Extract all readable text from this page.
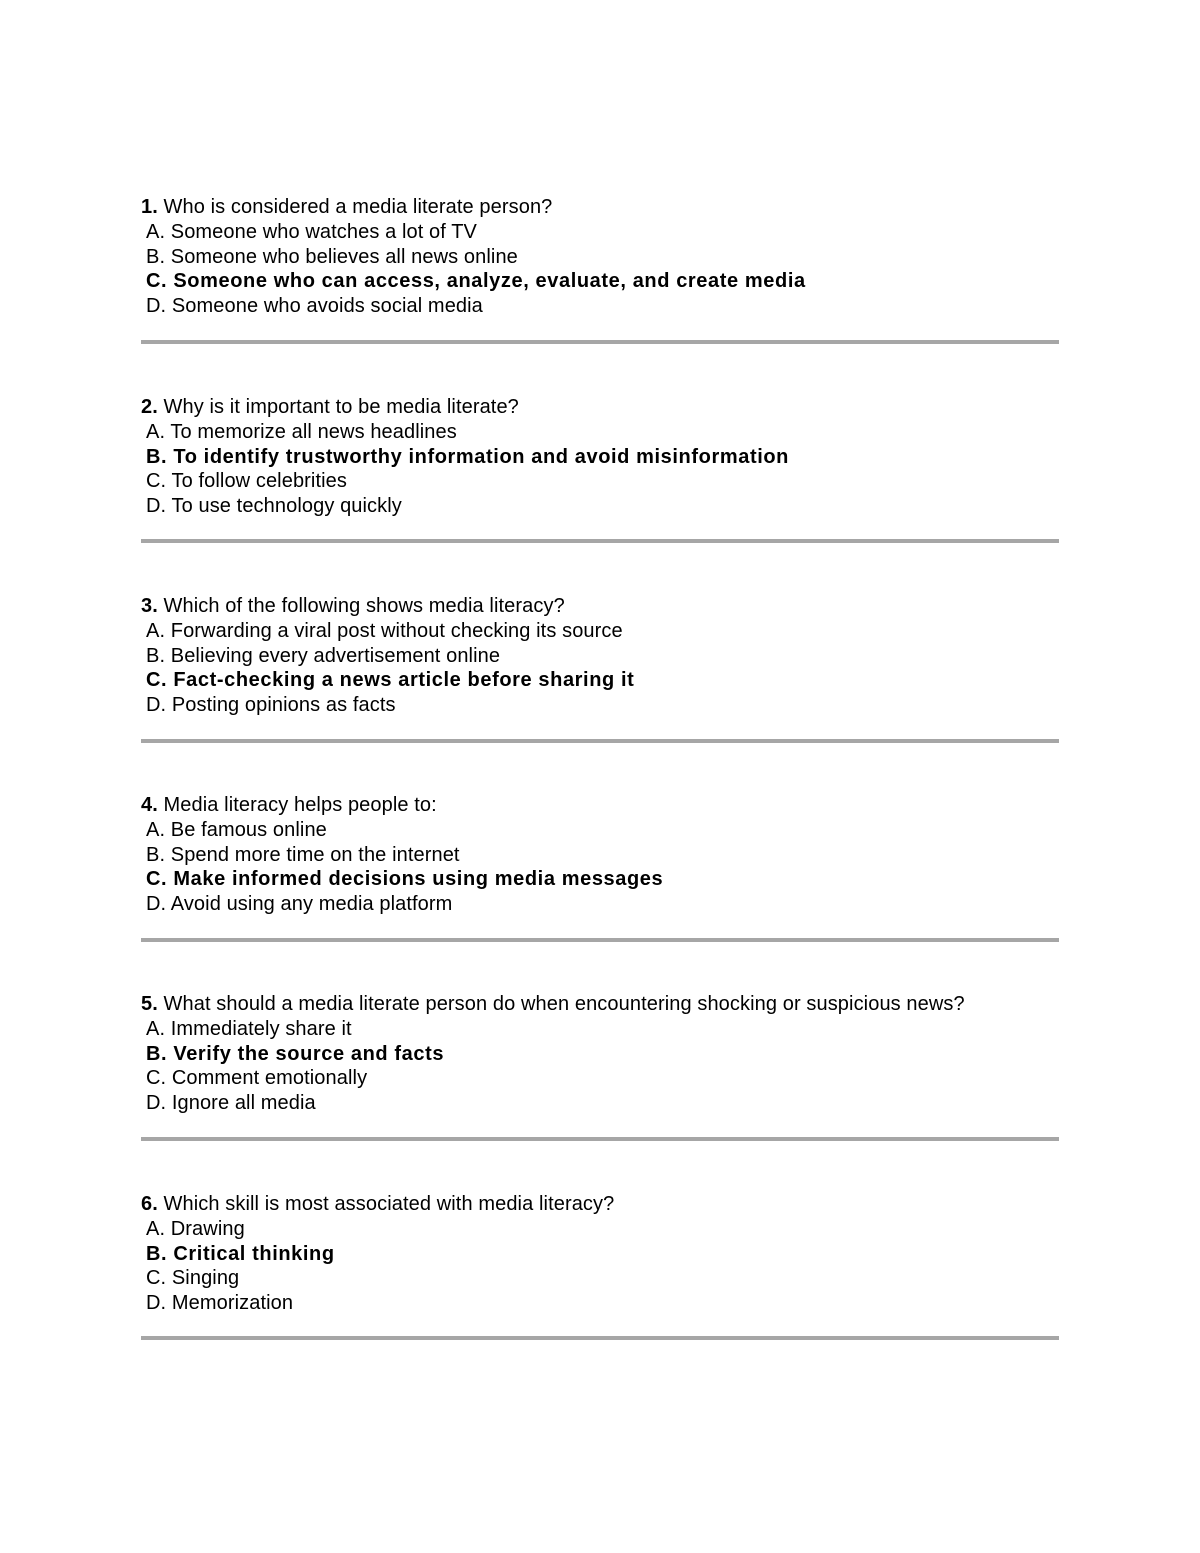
1. Who is considered a media literate person?
A. Someone who watches a lot of TV
B. Someone who believes all news online
C. Someone who can access, analyze, evaluate, and create media
D. Someone who avoids social media
2. Why is it important to be media literate?
A. To memorize all news headlines
B. To identify trustworthy information and avoid misinformation
C. To follow celebrities
D. To use technology quickly
3. Which of the following shows media literacy?
A. Forwarding a viral post without checking its source
B. Believing every advertisement online
C. Fact-checking a news article before sharing it
D. Posting opinions as facts
4. Media literacy helps people to:
A. Be famous online
B. Spend more time on the internet
C. Make informed decisions using media messages
D. Avoid using any media platform
5. What should a media literate person do when encountering shocking or suspicious news?
A. Immediately share it
B. Verify the source and facts
C. Comment emotionally
D. Ignore all media
6. Which skill is most associated with media literacy?
A. Drawing
B. Critical thinking
C. Singing
D. Memorization
